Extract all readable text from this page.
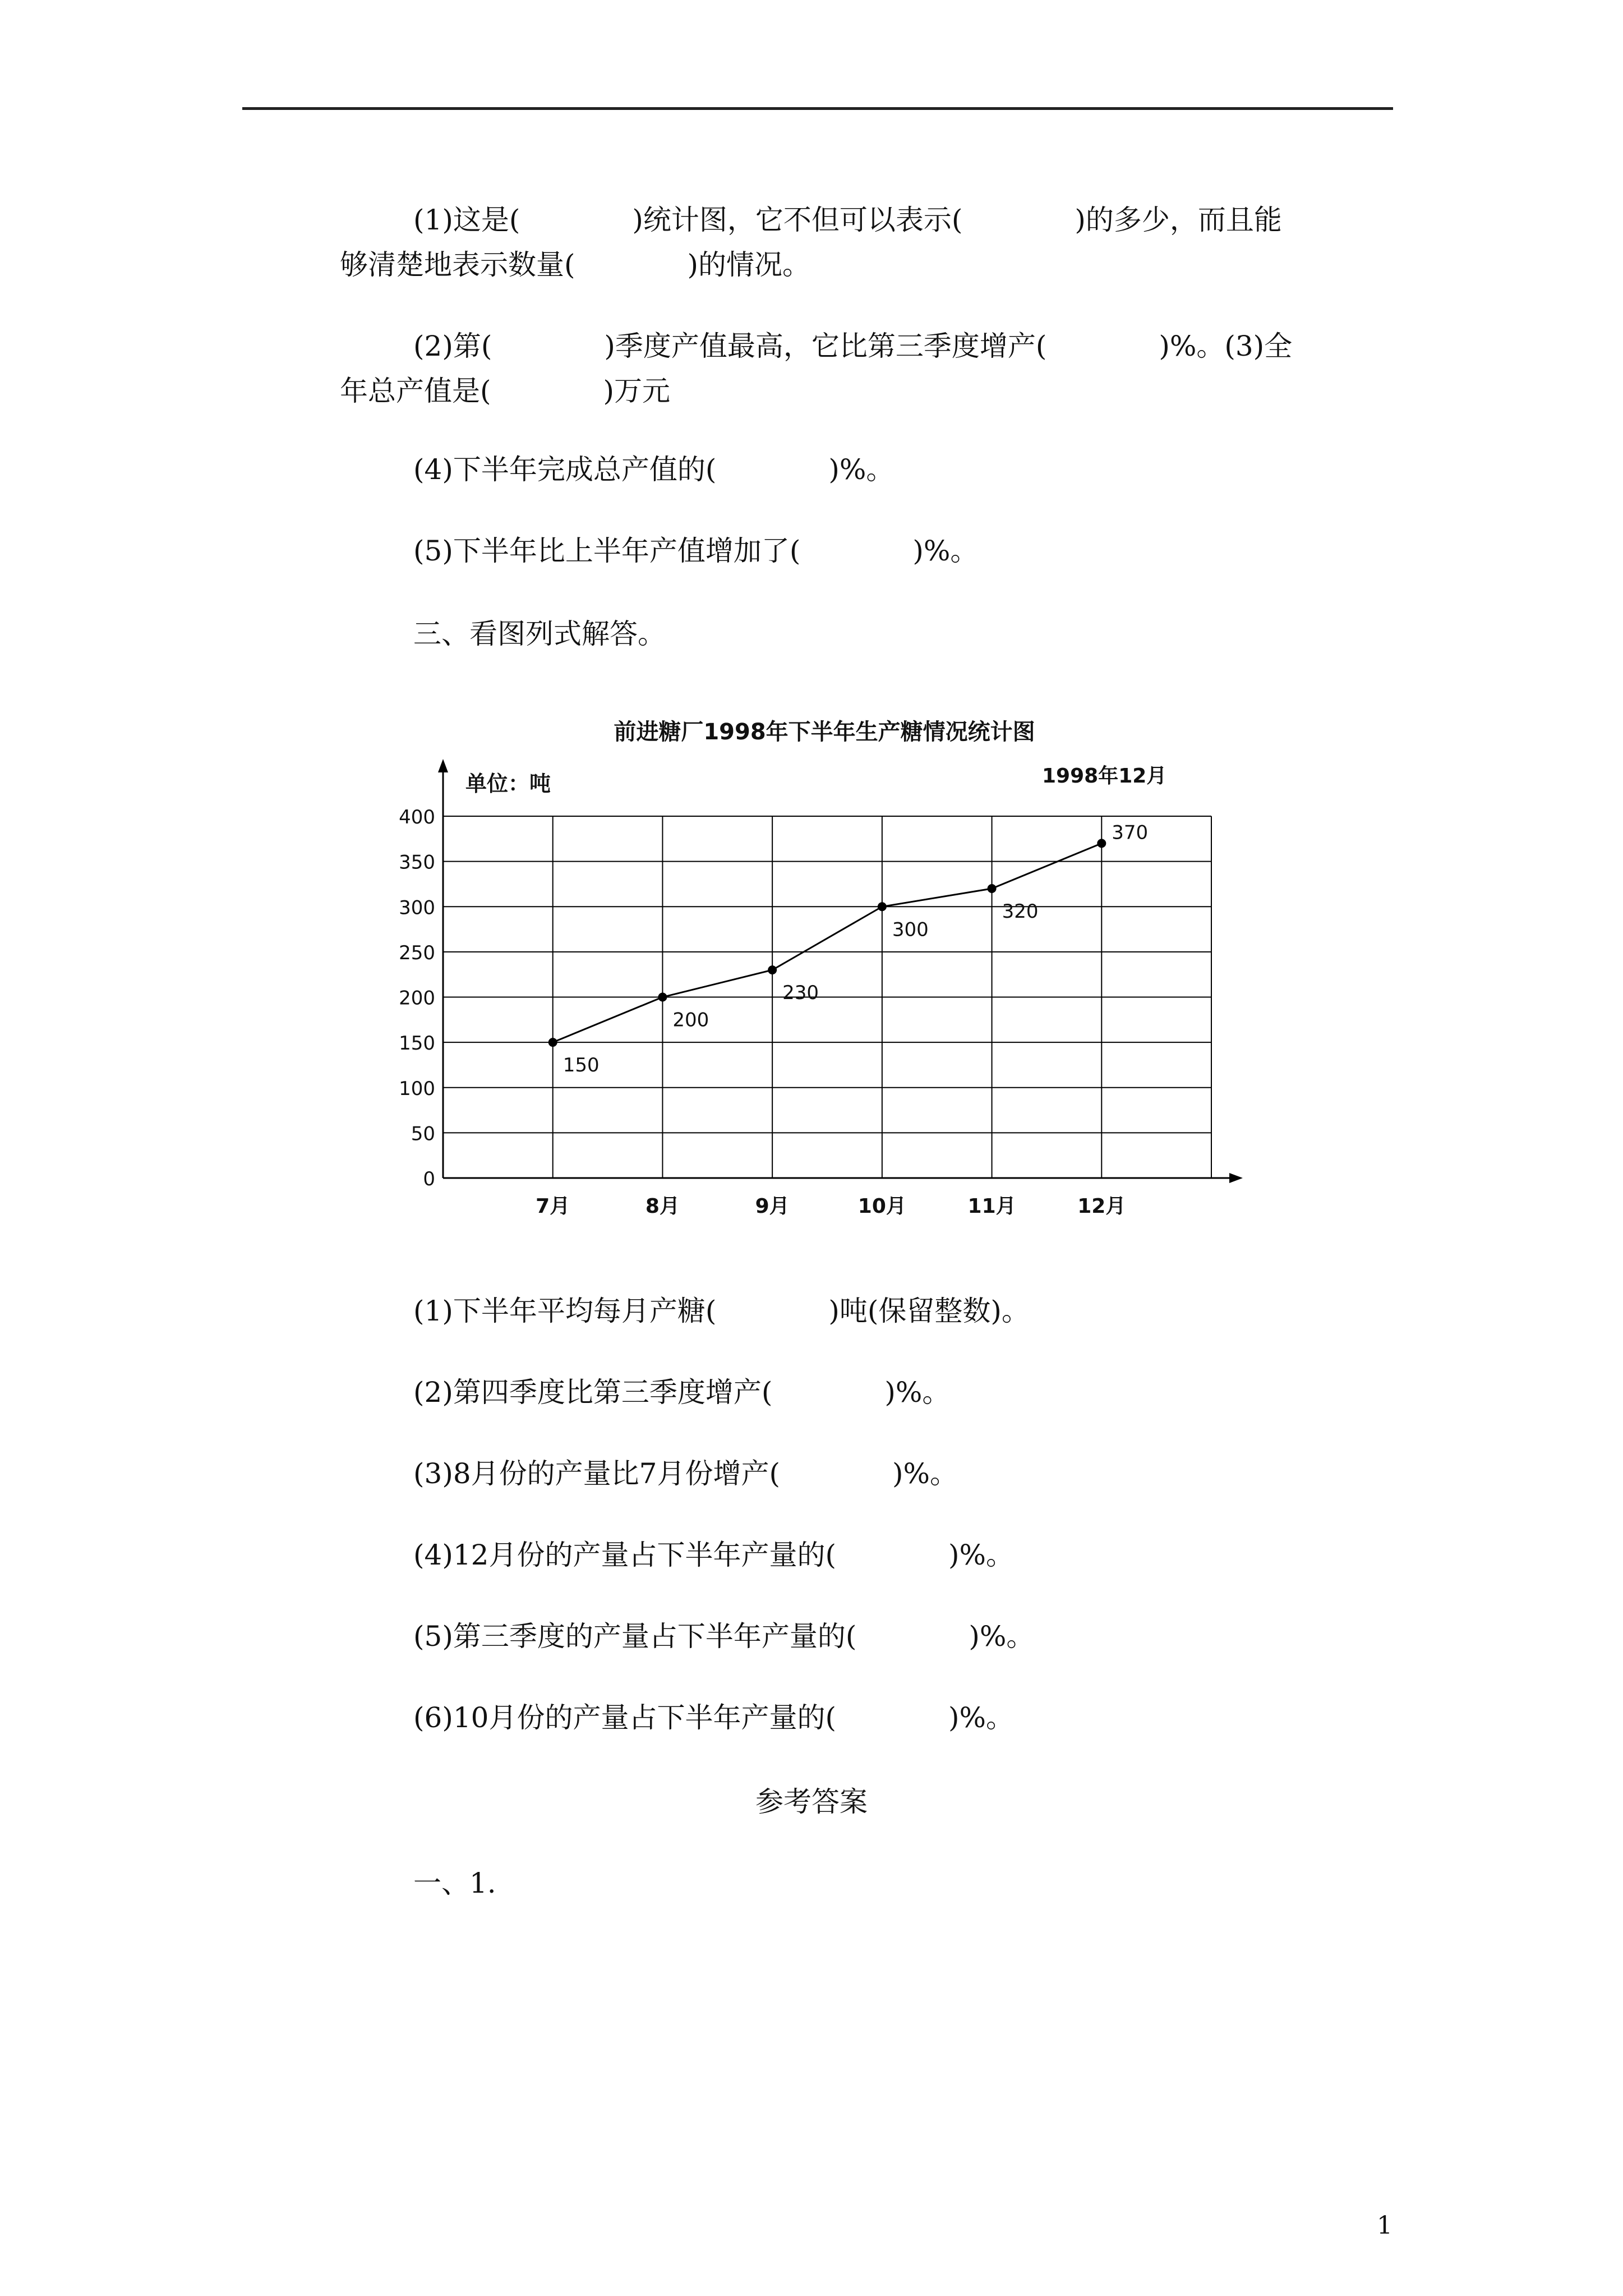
(1)这是(　　　　)统计图，它不但可以表示(　　　　)的多少，而且能
够清楚地表示数量(　　　　)的情况。
(2)第(　　　　)季度产值最高，它比第三季度增产(　　　　)%。(3)全
年总产值是(　　　　)万元
(4)下半年完成总产值的(　　　　)%。
(5)下半年比上半年产值增加了(　　　　)%。
三、看图列式解答。
前进糖厂1998年下半年生产糖情况统计图
单位：吨	1998年12月
0
50
100
150
200
250
300
350
400
7月	8月	9月	10月	11月	12月
150
200
230
300
320
370
(1)下半年平均每月产糖(　　　　)吨(保留整数)。
(2)第四季度比第三季度增产(　　　　)%。
(3)8月份的产量比7月份增产(　　　　)%。
(4)12月份的产量占下半年产量的(　　　　)%。
(5)第三季度的产量占下半年产量的(　　　　)%。
(6)10月份的产量占下半年产量的(　　　　)%。
参考答案
一、1.
1
